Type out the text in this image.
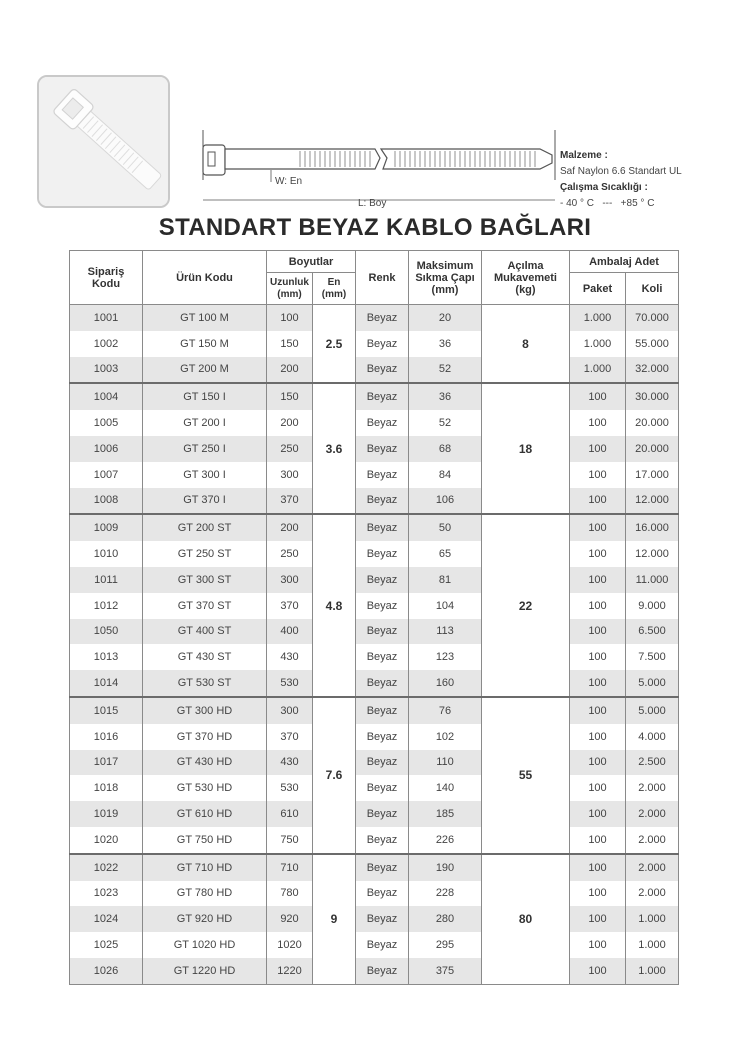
W: En
L: Boy
Malzeme :
Saf Naylon 6.6 Standart UL
Çalışma Sıcaklığı :
- 40 ° C   ---   +85 ° C
STANDART BEYAZ KABLO BAĞLARI
Sipariş Kodu	Ürün Kodu	Boyutlar		Renk	Maksimum Sıkma Çapı (mm)	Açılma Mukavemeti (kg)	Ambalaj Adet	
		Uzunluk (mm)	En (mm)				Paket	Koli
1001	GT 100 M	100	2.5	Beyaz	20	8	1.000	70.000
1002	GT 150 M	150		Beyaz	36		1.000	55.000
1003	GT 200 M	200		Beyaz	52		1.000	32.000
1004	GT 150 I	150	3.6	Beyaz	36	18	100	30.000
1005	GT 200 I	200		Beyaz	52		100	20.000
1006	GT 250 I	250		Beyaz	68		100	20.000
1007	GT 300 I	300		Beyaz	84		100	17.000
1008	GT 370 I	370		Beyaz	106		100	12.000
1009	GT 200 ST	200	4.8	Beyaz	50	22	100	16.000
1010	GT 250 ST	250		Beyaz	65		100	12.000
1011	GT 300 ST	300		Beyaz	81		100	11.000
1012	GT 370 ST	370		Beyaz	104		100	9.000
1050	GT 400 ST	400		Beyaz	113		100	6.500
1013	GT 430 ST	430		Beyaz	123		100	7.500
1014	GT 530 ST	530		Beyaz	160		100	5.000
1015	GT 300 HD	300	7.6	Beyaz	76	55	100	5.000
1016	GT 370 HD	370		Beyaz	102		100	4.000
1017	GT 430 HD	430		Beyaz	110		100	2.500
1018	GT 530 HD	530		Beyaz	140		100	2.000
1019	GT 610 HD	610		Beyaz	185		100	2.000
1020	GT 750 HD	750		Beyaz	226		100	2.000
1022	GT 710 HD	710	9	Beyaz	190	80	100	2.000
1023	GT 780 HD	780		Beyaz	228		100	2.000
1024	GT 920 HD	920		Beyaz	280		100	1.000
1025	GT 1020 HD	1020		Beyaz	295		100	1.000
1026	GT 1220 HD	1220		Beyaz	375		100	1.000
